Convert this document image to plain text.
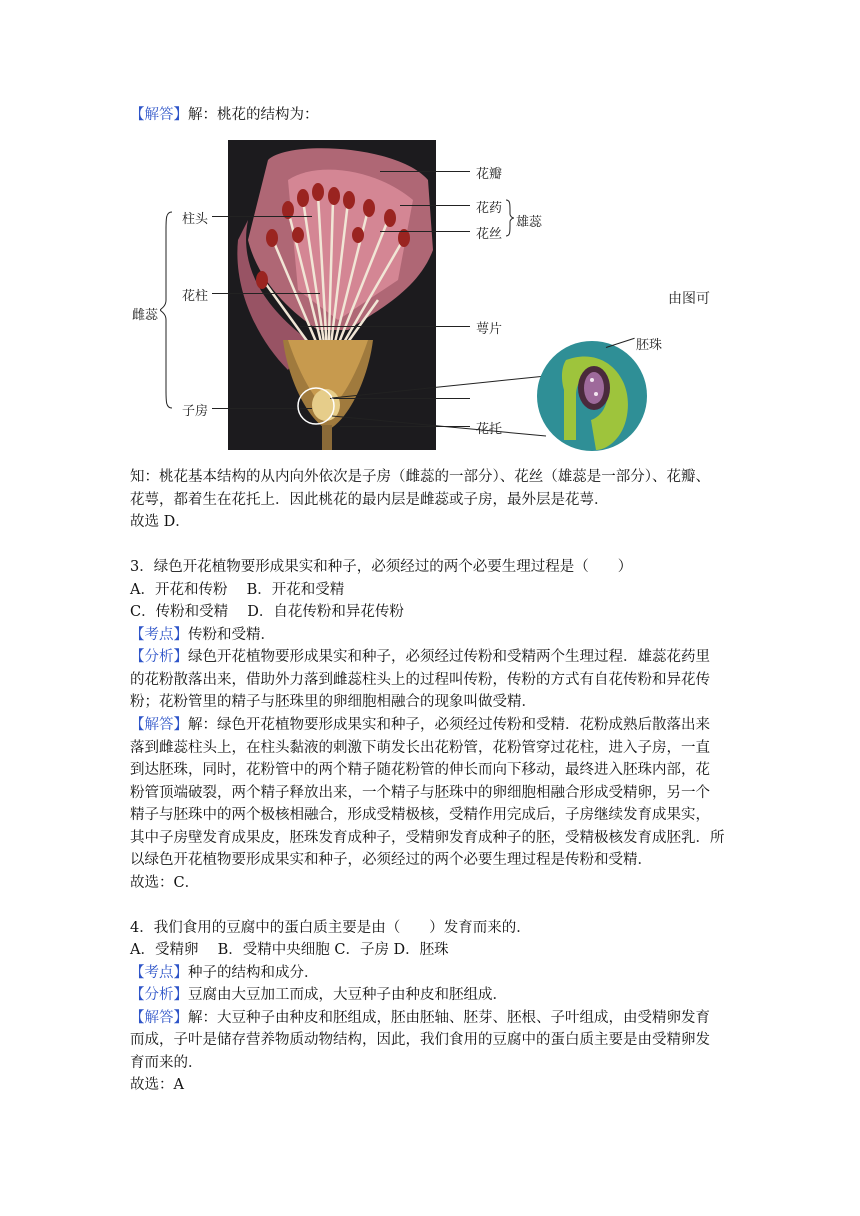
【解答】解：桃花的结构为：
柱头
花柱
子房
雌蕊
花瓣
花药
花丝
雄蕊
萼片
花托
胚珠
由图可
知：桃花基本结构的从内向外依次是子房（雌蕊的一部分）、花丝（雄蕊是一部分）、花瓣、
花萼，都着生在花托上．因此桃花的最内层是雌蕊或子房，最外层是花萼．
故选 D．
3．绿色开花植物要形成果实和种子，必须经过的两个必要生理过程是（　　）
A．开花和传粉　 B．开花和受精
C．传粉和受精　 D．自花传粉和异花传粉
【考点】传粉和受精．
【分析】绿色开花植物要形成果实和种子，必须经过传粉和受精两个生理过程．雄蕊花药里
的花粉散落出来，借助外力落到雌蕊柱头上的过程叫传粉，传粉的方式有自花传粉和异花传
粉；花粉管里的精子与胚珠里的卵细胞相融合的现象叫做受精．
【解答】解：绿色开花植物要形成果实和种子，必须经过传粉和受精．花粉成熟后散落出来
落到雌蕊柱头上，在柱头黏液的刺激下萌发长出花粉管，花粉管穿过花柱，进入子房，一直
到达胚珠，同时，花粉管中的两个精子随花粉管的伸长而向下移动，最终进入胚珠内部，花
粉管顶端破裂，两个精子释放出来，一个精子与胚珠中的卵细胞相融合形成受精卵，另一个
精子与胚珠中的两个极核相融合，形成受精极核，受精作用完成后，子房继续发育成果实，
其中子房壁发育成果皮，胚珠发育成种子，受精卵发育成种子的胚，受精极核发育成胚乳．所
以绿色开花植物要形成果实和种子，必须经过的两个必要生理过程是传粉和受精．
故选：C．
4．我们食用的豆腐中的蛋白质主要是由（　　）发育而来的．
A．受精卵　 B．受精中央细胞 C．子房 D．胚珠
【考点】种子的结构和成分．
【分析】豆腐由大豆加工而成，大豆种子由种皮和胚组成．
【解答】解：大豆种子由种皮和胚组成，胚由胚轴、胚芽、胚根、子叶组成，由受精卵发育
而成，子叶是储存营养物质动物结构，因此，我们食用的豆腐中的蛋白质主要是由受精卵发
育而来的．
故选：A
